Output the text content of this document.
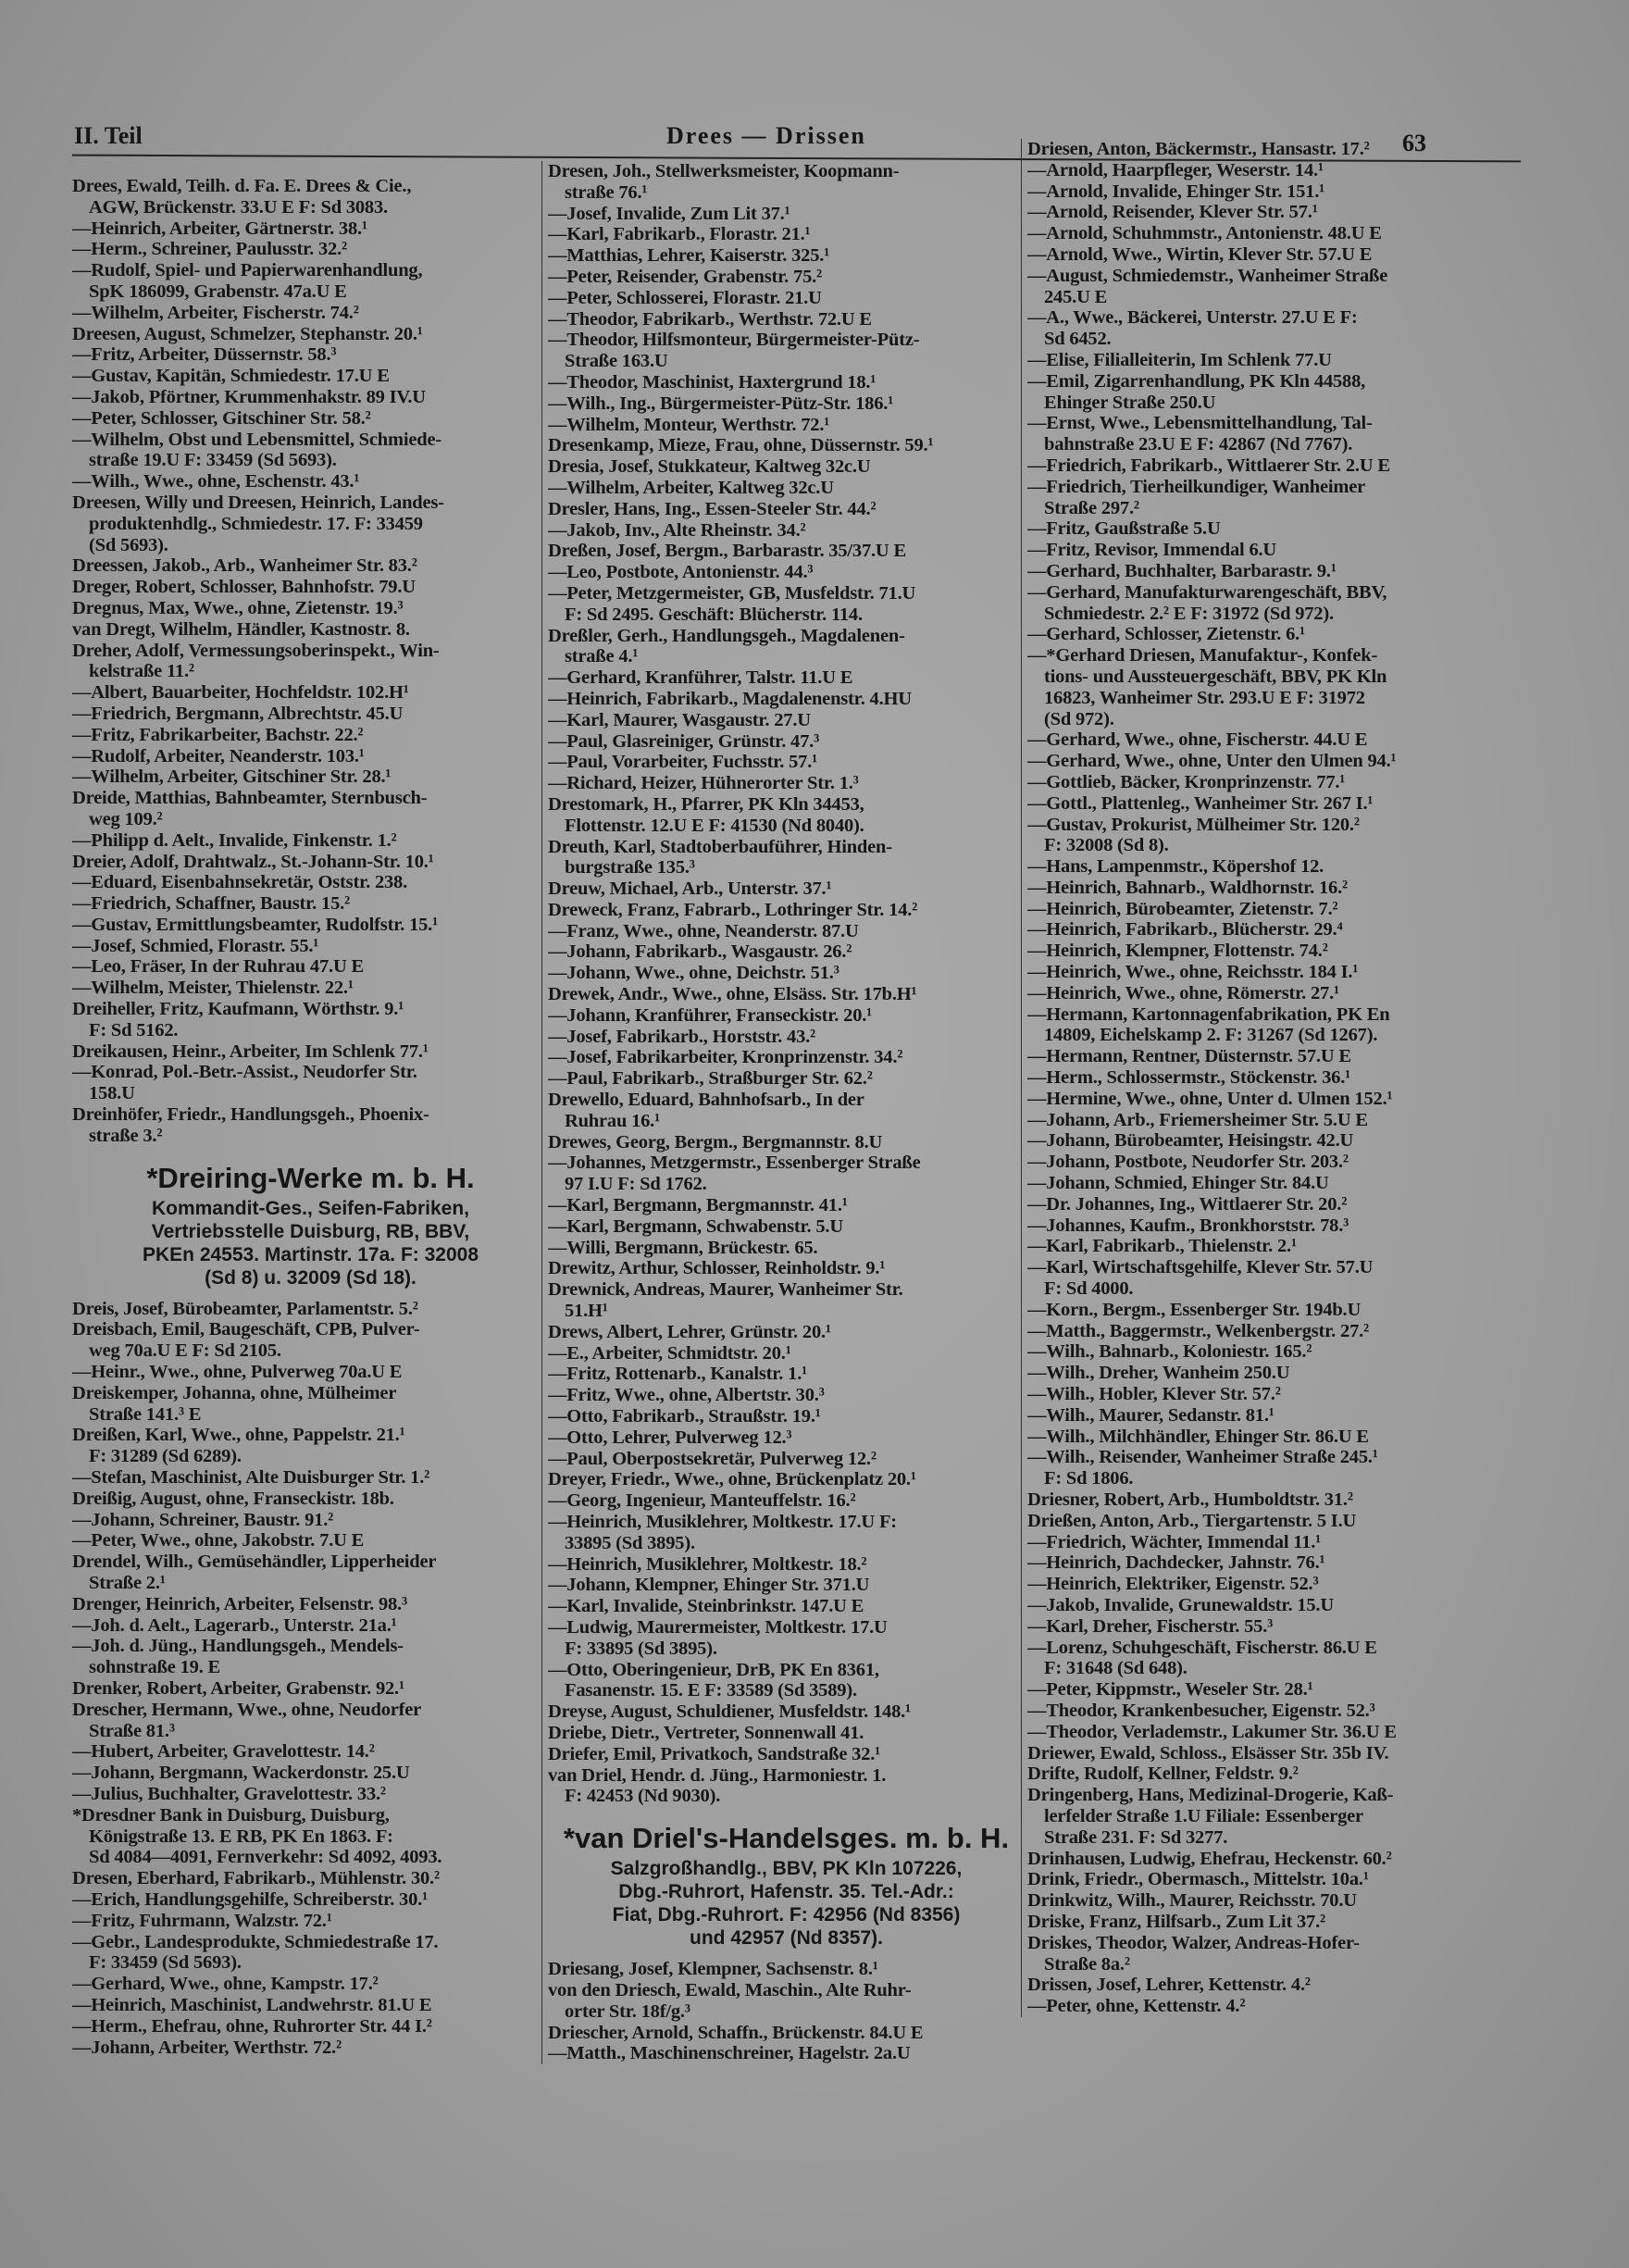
II. Teil	Drees — Drissen	63
Drees, Ewald, Teilh. d. Fa. E. Drees & Cie.,
AGW, Brückenstr. 33.U E F: Sd 3083.
—Heinrich, Arbeiter, Gärtnerstr. 38.¹
—Herm., Schreiner, Paulusstr. 32.²
—Rudolf, Spiel- und Papierwarenhandlung,
SpK 186099, Grabenstr. 47a.U E
—Wilhelm, Arbeiter, Fischerstr. 74.²
Dreesen, August, Schmelzer, Stephanstr. 20.¹
—Fritz, Arbeiter, Düssernstr. 58.³
—Gustav, Kapitän, Schmiedestr. 17.U E
—Jakob, Pförtner, Krummenhakstr. 89 IV.U
—Peter, Schlosser, Gitschiner Str. 58.²
—Wilhelm, Obst und Lebensmittel, Schmiede-
straße 19.U F: 33459 (Sd 5693).
—Wilh., Wwe., ohne, Eschenstr. 43.¹
Dreesen, Willy und Dreesen, Heinrich, Landes-
produktenhdlg., Schmiedestr. 17. F: 33459
(Sd 5693).
Dreessen, Jakob., Arb., Wanheimer Str. 83.²
Dreger, Robert, Schlosser, Bahnhofstr. 79.U
Dregnus, Max, Wwe., ohne, Zietenstr. 19.³
van Dregt, Wilhelm, Händler, Kastnostr. 8.
Dreher, Adolf, Vermessungsoberinspekt., Win-
kelstraße 11.²
—Albert, Bauarbeiter, Hochfeldstr. 102.H¹
—Friedrich, Bergmann, Albrechtstr. 45.U
—Fritz, Fabrikarbeiter, Bachstr. 22.²
—Rudolf, Arbeiter, Neanderstr. 103.¹
—Wilhelm, Arbeiter, Gitschiner Str. 28.¹
Dreide, Matthias, Bahnbeamter, Sternbusch-
weg 109.²
—Philipp d. Aelt., Invalide, Finkenstr. 1.²
Dreier, Adolf, Drahtwalz., St.-Johann-Str. 10.¹
—Eduard, Eisenbahnsekretär, Oststr. 238.
—Friedrich, Schaffner, Baustr. 15.²
—Gustav, Ermittlungsbeamter, Rudolfstr. 15.¹
—Josef, Schmied, Florastr. 55.¹
—Leo, Fräser, In der Ruhrau 47.U E
—Wilhelm, Meister, Thielenstr. 22.¹
Dreiheller, Fritz, Kaufmann, Wörthstr. 9.¹
F: Sd 5162.
Dreikausen, Heinr., Arbeiter, Im Schlenk 77.¹
—Konrad, Pol.-Betr.-Assist., Neudorfer Str.
158.U
Dreinhöfer, Friedr., Handlungsgeh., Phoenix-
straße 3.²
*Dreiring-Werke m. b. H.
Kommandit-Ges., Seifen-Fabriken,
Vertriebsstelle Duisburg, RB, BBV,
PKEn 24553. Martinstr. 17a. F: 32008
(Sd 8) u. 32009 (Sd 18).
Dreis, Josef, Bürobeamter, Parlamentstr. 5.²
Dreisbach, Emil, Baugeschäft, CPB, Pulver-
weg 70a.U E F: Sd 2105.
—Heinr., Wwe., ohne, Pulverweg 70a.U E
Dreiskemper, Johanna, ohne, Mülheimer
Straße 141.³ E
Dreißen, Karl, Wwe., ohne, Pappelstr. 21.¹
F: 31289 (Sd 6289).
—Stefan, Maschinist, Alte Duisburger Str. 1.²
Dreißig, August, ohne, Franseckistr. 18b.
—Johann, Schreiner, Baustr. 91.²
—Peter, Wwe., ohne, Jakobstr. 7.U E
Drendel, Wilh., Gemüsehändler, Lipperheider
Straße 2.¹
Drenger, Heinrich, Arbeiter, Felsenstr. 98.³
—Joh. d. Aelt., Lagerarb., Unterstr. 21a.¹
—Joh. d. Jüng., Handlungsgeh., Mendels-
sohnstraße 19. E
Drenker, Robert, Arbeiter, Grabenstr. 92.¹
Drescher, Hermann, Wwe., ohne, Neudorfer
Straße 81.³
—Hubert, Arbeiter, Gravelottestr. 14.²
—Johann, Bergmann, Wackerdonstr. 25.U
—Julius, Buchhalter, Gravelottestr. 33.²
*Dresdner Bank in Duisburg, Duisburg,
Königstraße 13. E RB, PK En 1863. F:
Sd 4084—4091, Fernverkehr: Sd 4092, 4093.
Dresen, Eberhard, Fabrikarb., Mühlenstr. 30.²
—Erich, Handlungsgehilfe, Schreiberstr. 30.¹
—Fritz, Fuhrmann, Walzstr. 72.¹
—Gebr., Landesprodukte, Schmiedestraße 17.
F: 33459 (Sd 5693).
—Gerhard, Wwe., ohne, Kampstr. 17.²
—Heinrich, Maschinist, Landwehrstr. 81.U E
—Herm., Ehefrau, ohne, Ruhrorter Str. 44 I.²
—Johann, Arbeiter, Werthstr. 72.²
Dresen, Joh., Stellwerksmeister, Koopmann-
straße 76.¹
—Josef, Invalide, Zum Lit 37.¹
—Karl, Fabrikarb., Florastr. 21.¹
—Matthias, Lehrer, Kaiserstr. 325.¹
—Peter, Reisender, Grabenstr. 75.²
—Peter, Schlosserei, Florastr. 21.U
—Theodor, Fabrikarb., Werthstr. 72.U E
—Theodor, Hilfsmonteur, Bürgermeister-Pütz-
Straße 163.U
—Theodor, Maschinist, Haxtergrund 18.¹
—Wilh., Ing., Bürgermeister-Pütz-Str. 186.¹
—Wilhelm, Monteur, Werthstr. 72.¹
Dresenkamp, Mieze, Frau, ohne, Düssernstr. 59.¹
Dresia, Josef, Stukkateur, Kaltweg 32c.U
—Wilhelm, Arbeiter, Kaltweg 32c.U
Dresler, Hans, Ing., Essen-Steeler Str. 44.²
—Jakob, Inv., Alte Rheinstr. 34.²
Dreßen, Josef, Bergm., Barbarastr. 35/37.U E
—Leo, Postbote, Antonienstr. 44.³
—Peter, Metzgermeister, GB, Musfeldstr. 71.U
F: Sd 2495. Geschäft: Blücherstr. 114.
Dreßler, Gerh., Handlungsgeh., Magdalenen-
straße 4.¹
—Gerhard, Kranführer, Talstr. 11.U E
—Heinrich, Fabrikarb., Magdalenenstr. 4.HU
—Karl, Maurer, Wasgaustr. 27.U
—Paul, Glasreiniger, Grünstr. 47.³
—Paul, Vorarbeiter, Fuchsstr. 57.¹
—Richard, Heizer, Hühnerorter Str. 1.³
Drestomark, H., Pfarrer, PK Kln 34453,
Flottenstr. 12.U E F: 41530 (Nd 8040).
Dreuth, Karl, Stadtoberbauführer, Hinden-
burgstraße 135.³
Dreuw, Michael, Arb., Unterstr. 37.¹
Dreweck, Franz, Fabrarb., Lothringer Str. 14.²
—Franz, Wwe., ohne, Neanderstr. 87.U
—Johann, Fabrikarb., Wasgaustr. 26.²
—Johann, Wwe., ohne, Deichstr. 51.³
Drewek, Andr., Wwe., ohne, Elsäss. Str. 17b.H¹
—Johann, Kranführer, Franseckistr. 20.¹
—Josef, Fabrikarb., Horststr. 43.²
—Josef, Fabrikarbeiter, Kronprinzenstr. 34.²
—Paul, Fabrikarb., Straßburger Str. 62.²
Drewello, Eduard, Bahnhofsarb., In der
Ruhrau 16.¹
Drewes, Georg, Bergm., Bergmannstr. 8.U
—Johannes, Metzgermstr., Essenberger Straße
97 I.U F: Sd 1762.
—Karl, Bergmann, Bergmannstr. 41.¹
—Karl, Bergmann, Schwabenstr. 5.U
—Willi, Bergmann, Brückestr. 65.
Drewitz, Arthur, Schlosser, Reinholdstr. 9.¹
Drewnick, Andreas, Maurer, Wanheimer Str.
51.H¹
Drews, Albert, Lehrer, Grünstr. 20.¹
—E., Arbeiter, Schmidtstr. 20.¹
—Fritz, Rottenarb., Kanalstr. 1.¹
—Fritz, Wwe., ohne, Albertstr. 30.³
—Otto, Fabrikarb., Straußstr. 19.¹
—Otto, Lehrer, Pulverweg 12.³
—Paul, Oberpostsekretär, Pulverweg 12.²
Dreyer, Friedr., Wwe., ohne, Brückenplatz 20.¹
—Georg, Ingenieur, Manteuffelstr. 16.²
—Heinrich, Musiklehrer, Moltkestr. 17.U F:
33895 (Sd 3895).
—Heinrich, Musiklehrer, Moltkestr. 18.²
—Johann, Klempner, Ehinger Str. 371.U
—Karl, Invalide, Steinbrinkstr. 147.U E
—Ludwig, Maurermeister, Moltkestr. 17.U
F: 33895 (Sd 3895).
—Otto, Oberingenieur, DrB, PK En 8361,
Fasanenstr. 15. E F: 33589 (Sd 3589).
Dreyse, August, Schuldiener, Musfeldstr. 148.¹
Driebe, Dietr., Vertreter, Sonnenwall 41.
Driefer, Emil, Privatkoch, Sandstraße 32.¹
van Driel, Hendr. d. Jüng., Harmoniestr. 1.
F: 42453 (Nd 9030).
*van Driel's-Handelsges. m. b. H.
Salzgroßhandlg., BBV, PK Kln 107226,
Dbg.-Ruhrort, Hafenstr. 35. Tel.-Adr.:
Fiat, Dbg.-Ruhrort. F: 42956 (Nd 8356)
und 42957 (Nd 8357).
Driesang, Josef, Klempner, Sachsenstr. 8.¹
von den Driesch, Ewald, Maschin., Alte Ruhr-
orter Str. 18f/g.³
Driescher, Arnold, Schaffn., Brückenstr. 84.U E
—Matth., Maschinenschreiner, Hagelstr. 2a.U
Driesen, Anton, Bäckermstr., Hansastr. 17.²
—Arnold, Haarpfleger, Weserstr. 14.¹
—Arnold, Invalide, Ehinger Str. 151.¹
—Arnold, Reisender, Klever Str. 57.¹
—Arnold, Schuhmmstr., Antonienstr. 48.U E
—Arnold, Wwe., Wirtin, Klever Str. 57.U E
—August, Schmiedemstr., Wanheimer Straße
245.U E
—A., Wwe., Bäckerei, Unterstr. 27.U E F:
Sd 6452.
—Elise, Filialleiterin, Im Schlenk 77.U
—Emil, Zigarrenhandlung, PK Kln 44588,
Ehinger Straße 250.U
—Ernst, Wwe., Lebensmittelhandlung, Tal-
bahnstraße 23.U E F: 42867 (Nd 7767).
—Friedrich, Fabrikarb., Wittlaerer Str. 2.U E
—Friedrich, Tierheilkundiger, Wanheimer
Straße 297.²
—Fritz, Gaußstraße 5.U
—Fritz, Revisor, Immendal 6.U
—Gerhard, Buchhalter, Barbarastr. 9.¹
—Gerhard, Manufakturwarengeschäft, BBV,
Schmiedestr. 2.² E F: 31972 (Sd 972).
—Gerhard, Schlosser, Zietenstr. 6.¹
—*Gerhard Driesen, Manufaktur-, Konfek-
tions- und Aussteuergeschäft, BBV, PK Kln
16823, Wanheimer Str. 293.U E F: 31972
(Sd 972).
—Gerhard, Wwe., ohne, Fischerstr. 44.U E
—Gerhard, Wwe., ohne, Unter den Ulmen 94.¹
—Gottlieb, Bäcker, Kronprinzenstr. 77.¹
—Gottl., Plattenleg., Wanheimer Str. 267 I.¹
—Gustav, Prokurist, Mülheimer Str. 120.²
F: 32008 (Sd 8).
—Hans, Lampenmstr., Köpershof 12.
—Heinrich, Bahnarb., Waldhornstr. 16.²
—Heinrich, Bürobeamter, Zietenstr. 7.²
—Heinrich, Fabrikarb., Blücherstr. 29.⁴
—Heinrich, Klempner, Flottenstr. 74.²
—Heinrich, Wwe., ohne, Reichsstr. 184 I.¹
—Heinrich, Wwe., ohne, Römerstr. 27.¹
—Hermann, Kartonnagenfabrikation, PK En
14809, Eichelskamp 2. F: 31267 (Sd 1267).
—Hermann, Rentner, Düsternstr. 57.U E
—Herm., Schlossermstr., Stöckenstr. 36.¹
—Hermine, Wwe., ohne, Unter d. Ulmen 152.¹
—Johann, Arb., Friemersheimer Str. 5.U E
—Johann, Bürobeamter, Heisingstr. 42.U
—Johann, Postbote, Neudorfer Str. 203.²
—Johann, Schmied, Ehinger Str. 84.U
—Dr. Johannes, Ing., Wittlaerer Str. 20.²
—Johannes, Kaufm., Bronkhorststr. 78.³
—Karl, Fabrikarb., Thielenstr. 2.¹
—Karl, Wirtschaftsgehilfe, Klever Str. 57.U
F: Sd 4000.
—Korn., Bergm., Essenberger Str. 194b.U
—Matth., Baggermstr., Welkenbergstr. 27.²
—Wilh., Bahnarb., Koloniestr. 165.²
—Wilh., Dreher, Wanheim 250.U
—Wilh., Hobler, Klever Str. 57.²
—Wilh., Maurer, Sedanstr. 81.¹
—Wilh., Milchhändler, Ehinger Str. 86.U E
—Wilh., Reisender, Wanheimer Straße 245.¹
F: Sd 1806.
Driesner, Robert, Arb., Humboldtstr. 31.²
Drießen, Anton, Arb., Tiergartenstr. 5 I.U
—Friedrich, Wächter, Immendal 11.¹
—Heinrich, Dachdecker, Jahnstr. 76.¹
—Heinrich, Elektriker, Eigenstr. 52.³
—Jakob, Invalide, Grunewaldstr. 15.U
—Karl, Dreher, Fischerstr. 55.³
—Lorenz, Schuhgeschäft, Fischerstr. 86.U E
F: 31648 (Sd 648).
—Peter, Kippmstr., Weseler Str. 28.¹
—Theodor, Krankenbesucher, Eigenstr. 52.³
—Theodor, Verlademstr., Lakumer Str. 36.U E
Driewer, Ewald, Schloss., Elsässer Str. 35b IV.
Drifte, Rudolf, Kellner, Feldstr. 9.²
Dringenberg, Hans, Medizinal-Drogerie, Kaß-
lerfelder Straße 1.U Filiale: Essenberger
Straße 231. F: Sd 3277.
Drinhausen, Ludwig, Ehefrau, Heckenstr. 60.²
Drink, Friedr., Obermasch., Mittelstr. 10a.¹
Drinkwitz, Wilh., Maurer, Reichsstr. 70.U
Driske, Franz, Hilfsarb., Zum Lit 37.²
Driskes, Theodor, Walzer, Andreas-Hofer-
Straße 8a.²
Drissen, Josef, Lehrer, Kettenstr. 4.²
—Peter, ohne, Kettenstr. 4.²
